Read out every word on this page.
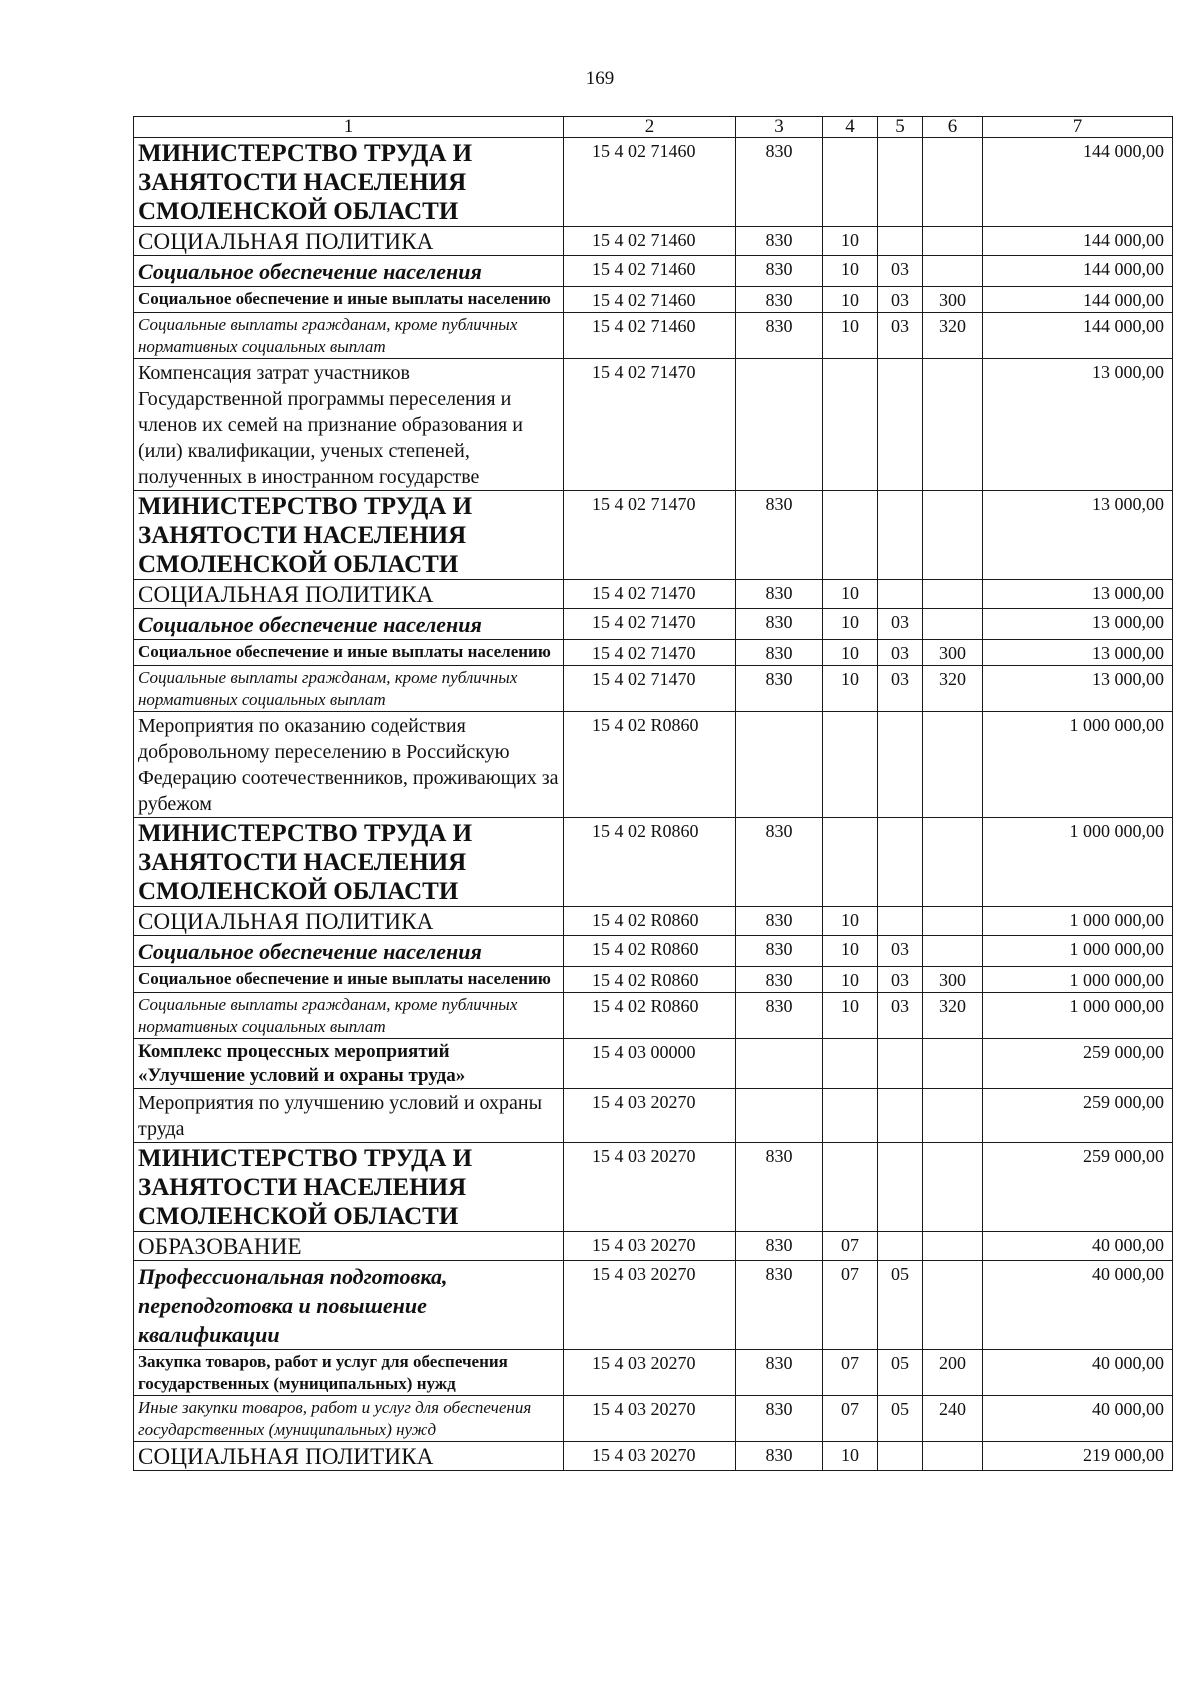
169
1	2	3	4	5	6	7
МИНИСТЕРСТВО ТРУДА И ЗАНЯТОСТИ НАСЕЛЕНИЯ СМОЛЕНСКОЙ ОБЛАСТИ	15 4 02 71460	830				144 000,00
СОЦИАЛЬНАЯ ПОЛИТИКА	15 4 02 71460	830	10			144 000,00
Социальное обеспечение населения	15 4 02 71460	830	10	03		144 000,00
Социальное обеспечение и иные выплаты населению	15 4 02 71460	830	10	03	300	144 000,00
Социальные выплаты гражданам, кроме публичных нормативных социальных выплат	15 4 02 71460	830	10	03	320	144 000,00
Компенсация затрат участников Государственной программы переселения и членов их семей на признание образования и (или) квалификации, ученых степеней, полученных в иностранном государстве	15 4 02 71470					13 000,00
МИНИСТЕРСТВО ТРУДА И ЗАНЯТОСТИ НАСЕЛЕНИЯ СМОЛЕНСКОЙ ОБЛАСТИ	15 4 02 71470	830				13 000,00
СОЦИАЛЬНАЯ ПОЛИТИКА	15 4 02 71470	830	10			13 000,00
Социальное обеспечение населения	15 4 02 71470	830	10	03		13 000,00
Социальное обеспечение и иные выплаты населению	15 4 02 71470	830	10	03	300	13 000,00
Социальные выплаты гражданам, кроме публичных нормативных социальных выплат	15 4 02 71470	830	10	03	320	13 000,00
Мероприятия по оказанию содействия добровольному переселению в Российскую Федерацию соотечественников, проживающих за рубежом	15 4 02 R0860					1 000 000,00
МИНИСТЕРСТВО ТРУДА И ЗАНЯТОСТИ НАСЕЛЕНИЯ СМОЛЕНСКОЙ ОБЛАСТИ	15 4 02 R0860	830				1 000 000,00
СОЦИАЛЬНАЯ ПОЛИТИКА	15 4 02 R0860	830	10			1 000 000,00
Социальное обеспечение населения	15 4 02 R0860	830	10	03		1 000 000,00
Социальное обеспечение и иные выплаты населению	15 4 02 R0860	830	10	03	300	1 000 000,00
Социальные выплаты гражданам, кроме публичных нормативных социальных выплат	15 4 02 R0860	830	10	03	320	1 000 000,00
Комплекс процессных мероприятий «Улучшение условий и охраны труда»	15 4 03 00000					259 000,00
Мероприятия по улучшению условий и охраны труда	15 4 03 20270					259 000,00
МИНИСТЕРСТВО ТРУДА И ЗАНЯТОСТИ НАСЕЛЕНИЯ СМОЛЕНСКОЙ ОБЛАСТИ	15 4 03 20270	830				259 000,00
ОБРАЗОВАНИЕ	15 4 03 20270	830	07			40 000,00
Профессиональная подготовка, переподготовка и повышение квалификации	15 4 03 20270	830	07	05		40 000,00
Закупка товаров, работ и услуг для обеспечения государственных (муниципальных) нужд	15 4 03 20270	830	07	05	200	40 000,00
Иные закупки товаров, работ и услуг для обеспечения государственных (муниципальных) нужд	15 4 03 20270	830	07	05	240	40 000,00
СОЦИАЛЬНАЯ ПОЛИТИКА	15 4 03 20270	830	10			219 000,00
